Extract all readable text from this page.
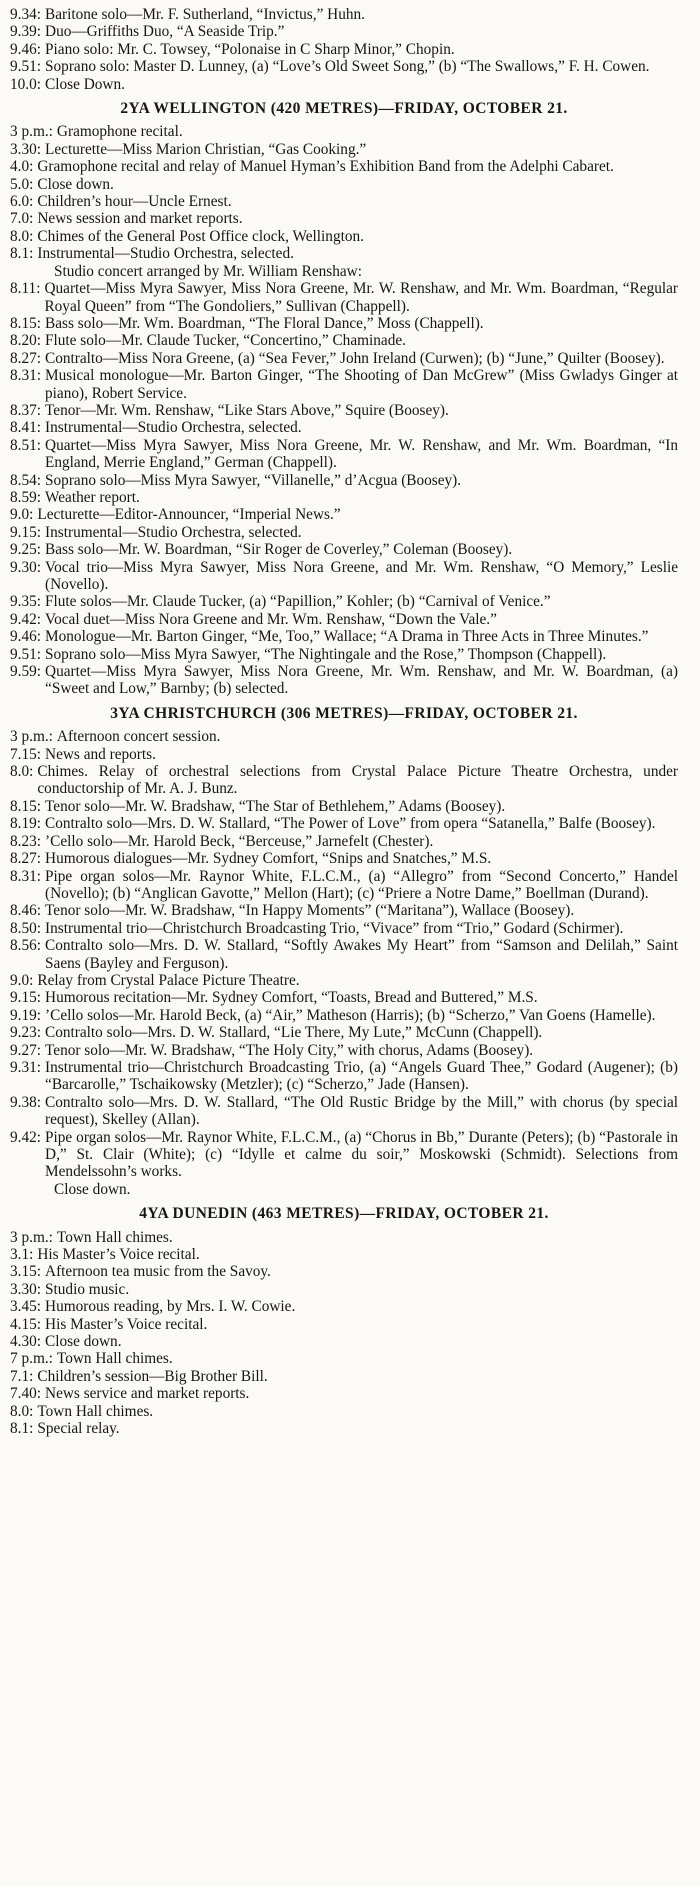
9.34 : Baritone solo—Mr. F. Sutherland, “Invictus,” Huhn.
9.39 : Duo—Griffiths Duo, “A Seaside Trip.”
9.46 : Piano solo: Mr. C. Towsey, “Polonaise in C Sharp Minor,” Chopin.
9.51 : Soprano solo: Master D. Lunney, (a) “Love’s Old Sweet Song,” (b) “The Swallows,” F. H. Cowen.
10.0 : Close Down.
2YA WELLINGTON (420 METRES)—FRIDAY, OCTOBER 21.
3 p.m. : Gramophone recital.
3.30 : Lecturette—Miss Marion Christian, “Gas Cooking.”
4.0 : Gramophone recital and relay of Manuel Hyman’s Exhibition Band from the Adelphi Cabaret.
5.0 : Close down.
6.0 : Children’s hour—Uncle Ernest.
7.0 : News session and market reports.
8.0 : Chimes of the General Post Office clock, Wellington.
8.1 : Instrumental—Studio Orchestra, selected.
Studio concert arranged by Mr. William Renshaw:
8.11 : Quartet—Miss Myra Sawyer, Miss Nora Greene, Mr. W. Renshaw, and Mr. Wm. Boardman, “Regular Royal Queen” from “The Gondoliers,” Sullivan (Chappell).
8.15 : Bass solo—Mr. Wm. Boardman, “The Floral Dance,” Moss (Chappell).
8.20 : Flute solo—Mr. Claude Tucker, “Concertino,” Chaminade.
8.27 : Contralto—Miss Nora Greene, (a) “Sea Fever,” John Ireland (Curwen); (b) “June,” Quilter (Boosey).
8.31 : Musical monologue—Mr. Barton Ginger, “The Shooting of Dan McGrew” (Miss Gwladys Ginger at piano), Robert Service.
8.37 : Tenor—Mr. Wm. Renshaw, “Like Stars Above,” Squire (Boosey).
8.41 : Instrumental—Studio Orchestra, selected.
8.51 : Quartet—Miss Myra Sawyer, Miss Nora Greene, Mr. W. Renshaw, and Mr. Wm. Boardman, “In England, Merrie England,” German (Chappell).
8.54 : Soprano solo—Miss Myra Sawyer, “Villanelle,” d’Acgua (Boosey).
8.59 : Weather report.
9.0 : Lecturette—Editor-Announcer, “Imperial News.”
9.15 : Instrumental—Studio Orchestra, selected.
9.25 : Bass solo—Mr. W. Boardman, “Sir Roger de Coverley,” Coleman (Boosey).
9.30 : Vocal trio—Miss Myra Sawyer, Miss Nora Greene, and Mr. Wm. Renshaw, “O Memory,” Leslie (Novello).
9.35 : Flute solos—Mr. Claude Tucker, (a) “Papillion,” Kohler; (b) “Carnival of Venice.”
9.42 : Vocal duet—Miss Nora Greene and Mr. Wm. Renshaw, “Down the Vale.”
9.46 : Monologue—Mr. Barton Ginger, “Me, Too,” Wallace; “A Drama in Three Acts in Three Minutes.”
9.51 : Soprano solo—Miss Myra Sawyer, “The Nightingale and the Rose,” Thompson (Chappell).
9.59 : Quartet—Miss Myra Sawyer, Miss Nora Greene, Mr. Wm. Renshaw, and Mr. W. Boardman, (a) “Sweet and Low,” Barnby; (b) selected.
3YA CHRISTCHURCH (306 METRES)—FRIDAY, OCTOBER 21.
3 p.m. : Afternoon concert session.
7.15 : News and reports.
8.0 : Chimes. Relay of orchestral selections from Crystal Palace Picture Theatre Orchestra, under conductorship of Mr. A. J. Bunz.
8.15 : Tenor solo—Mr. W. Bradshaw, “The Star of Bethlehem,” Adams (Boosey).
8.19 : Contralto solo—Mrs. D. W. Stallard, “The Power of Love” from opera “Satanella,” Balfe (Boosey).
8.23 : ’Cello solo—Mr. Harold Beck, “Berceuse,” Jarnefelt (Chester).
8.27 : Humorous dialogues—Mr. Sydney Comfort, “Snips and Snatches,” M.S.
8.31 : Pipe organ solos—Mr. Raynor White, F.L.C.M., (a) “Allegro” from “Second Concerto,” Handel (Novello); (b) “Anglican Gavotte,” Mellon (Hart); (c) “Priere a Notre Dame,” Boellman (Durand).
8.46 : Tenor solo—Mr. W. Bradshaw, “In Happy Moments” (“Maritana”), Wallace (Boosey).
8.50 : Instrumental trio—Christchurch Broadcasting Trio, “Vivace” from “Trio,” Godard (Schirmer).
8.56 : Contralto solo—Mrs. D. W. Stallard, “Softly Awakes My Heart” from “Samson and Delilah,” Saint Saens (Bayley and Ferguson).
9.0 : Relay from Crystal Palace Picture Theatre.
9.15 : Humorous recitation—Mr. Sydney Comfort, “Toasts, Bread and Buttered,” M.S.
9.19 : ’Cello solos—Mr. Harold Beck, (a) “Air,” Matheson (Harris); (b) “Scherzo,” Van Goens (Hamelle).
9.23 : Contralto solo—Mrs. D. W. Stallard, “Lie There, My Lute,” McCunn (Chappell).
9.27 : Tenor solo—Mr. W. Bradshaw, “The Holy City,” with chorus, Adams (Boosey).
9.31 : Instrumental trio—Christchurch Broadcasting Trio, (a) “Angels Guard Thee,” Godard (Augener); (b) “Barcarolle,” Tschaikowsky (Metzler); (c) “Scherzo,” Jade (Hansen).
9.38 : Contralto solo—Mrs. D. W. Stallard, “The Old Rustic Bridge by the Mill,” with chorus (by special request), Skelley (Allan).
9.42 : Pipe organ solos—Mr. Raynor White, F.L.C.M., (a) “Chorus in Bb,” Durante (Peters); (b) “Pastorale in D,” St. Clair (White); (c) “Idylle et calme du soir,” Moskowski (Schmidt). Selections from Mendelssohn’s works.
Close down.
4YA DUNEDIN (463 METRES)—FRIDAY, OCTOBER 21.
3 p.m. : Town Hall chimes.
3.1 : His Master’s Voice recital.
3.15 : Afternoon tea music from the Savoy.
3.30 : Studio music.
3.45 : Humorous reading, by Mrs. I. W. Cowie.
4.15 : His Master’s Voice recital.
4.30 : Close down.
7 p.m. : Town Hall chimes.
7.1 : Children’s session—Big Brother Bill.
7.40 : News service and market reports.
8.0 : Town Hall chimes.
8.1 : Special relay.
